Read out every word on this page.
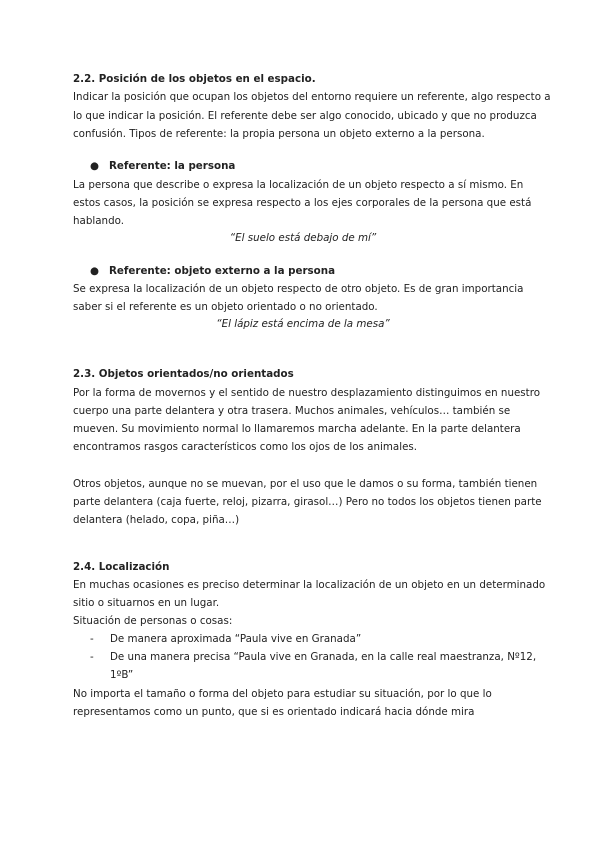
2.2. Posición de los objetos en el espacio.
Indicar la posición que ocupan los objetos del entorno requiere un referente, algo respecto a
lo que indicar la posición. El referente debe ser algo conocido, ubicado y que no produzca
confusión. Tipos de referente: la propia persona un objeto externo a la persona.
● Referente: la persona
La persona que describe o expresa la localización de un objeto respecto a sí mismo. En
estos casos, la posición se expresa respecto a los ejes corporales de la persona que está
hablando.
“El suelo está debajo de mí”
● Referente: objeto externo a la persona
Se expresa la localización de un objeto respecto de otro objeto. Es de gran importancia
saber si el referente es un objeto orientado o no orientado.
“El lápiz está encima de la mesa”
2.3. Objetos orientados/no orientados
Por la forma de movernos y el sentido de nuestro desplazamiento distinguimos en nuestro
cuerpo una parte delantera y otra trasera. Muchos animales, vehículos… también se
mueven. Su movimiento normal lo llamaremos marcha adelante. En la parte delantera
encontramos rasgos característicos como los ojos de los animales.
Otros objetos, aunque no se muevan, por el uso que le damos o su forma, también tienen
parte delantera (caja fuerte, reloj, pizarra, girasol…) Pero no todos los objetos tienen parte
delantera (helado, copa, piña…)
2.4. Localización
En muchas ocasiones es preciso determinar la localización de un objeto en un determinado
sitio o situarnos en un lugar.
Situación de personas o cosas:
- De manera aproximada “Paula vive en Granada”
- De una manera precisa “Paula vive en Granada, en la calle real maestranza, Nº12,
1ºB”
No importa el tamaño o forma del objeto para estudiar su situación, por lo que lo
representamos como un punto, que si es orientado indicará hacia dónde mira
